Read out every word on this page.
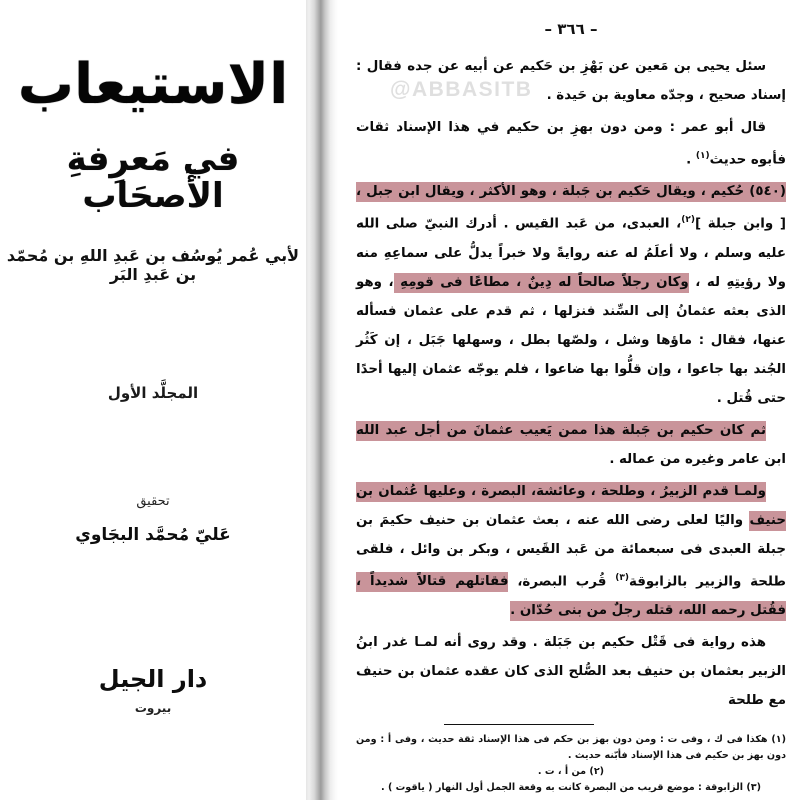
الاستيعاب
في مَعرِفةِ الأَصحَاب
لأبي عُمر يُوسُف بن عَبدِ اللهِ بن مُحمّد بن عَبدِ البَر
المجلَّد الأول
تحقيق
عَليّ مُحمَّد البجَاوي
دار الجيل
بيروت
– ٣٦٦ –
سئل يحيى بن مَعين عن بَهْزِ بن حَكيم عن أبيه عن جده فقال : إسناد صحيح ، وجدّه معاوية بن حَيدة .
قال أبو عمر : ومن دون بهزِ بن حكيم في هذا الإسناد ثقات فأبوه حديث$^{(١)}$ .
(٥٤٠) حُكيم ، ويقال حَكيم بن جَبلة ، وهو الأكثر ، ويقال ابن جبل ، [ وابن جبلة ]$^{(٢)}$، العبدى، من عَبد القيس . أدرك النبيّ صلى الله عليه وسلم ، ولا أعلَمُ له عنه روايةً ولا خبراً يدلُّ على سماعِهِ منه ولا رؤيتِهِ له ، وكان رجلاً صالحاً له دِينٌ ، مطاعًا فى قومِهِ ، وهو الذى بعثه عثمانُ إلى السِّند فنزلها ، ثم قدم على عثمان فسأله عنها، فقال : ماؤها وشل ، ولصّها بطل ، وسهلها جَبَل ، إن كَثُر الجُند بها جاعوا ، وإن قلُّوا بها ضاعوا ، فلم يوجّه عثمان إليها أحدًا حتى قُتل .
ثم كان حكيم بن جَبلة هذا ممن يَعيب عثمانَ من أجل عبد الله ابن عامر وغيره من عماله .
ولمـا قدم الزبيرُ ، وطلحة ، وعائشة، البصرة ، وعليها عُثمان بن حنيف واليًا لعلى رضى الله عنه ، بعث عثمان بن حنيف حكيمَ بن جبلة العبدى فى سبعمائة من عَبد القَيس ، وبكر بن وائل ، فلقى طلحة والزبير بالزابوقة$^{(٣)}$ قُرب البصرة، فقاتلهم قتالاً شديداً ، فقُتل رحمه الله، قتله رجلٌ من بنى حُدّان .
هذه رواية فى قَتْل حكيم بن جَبَلة . وقد روى أنه لمـا غدر ابنُ الزبير بعثمان بن حنيف بعد الصُّلح الذى كان عقده عثمان بن حنيف مع طلحة
(١) هكذا فى ك ، وفى ت : ومن دون بهز بن حكم فى هذا الإسناد ثقة حديث ، وفى أ : ومن دون بهز بن حكيم فى هذا الإسناد فأبّنه حديث .
(٢) من أ ، ت .
(٣) الزابوقة : موضع قريب من البصرة كانت به وقعة الجمل أول النهار ( ياقوت ) .
@ABBASITB
